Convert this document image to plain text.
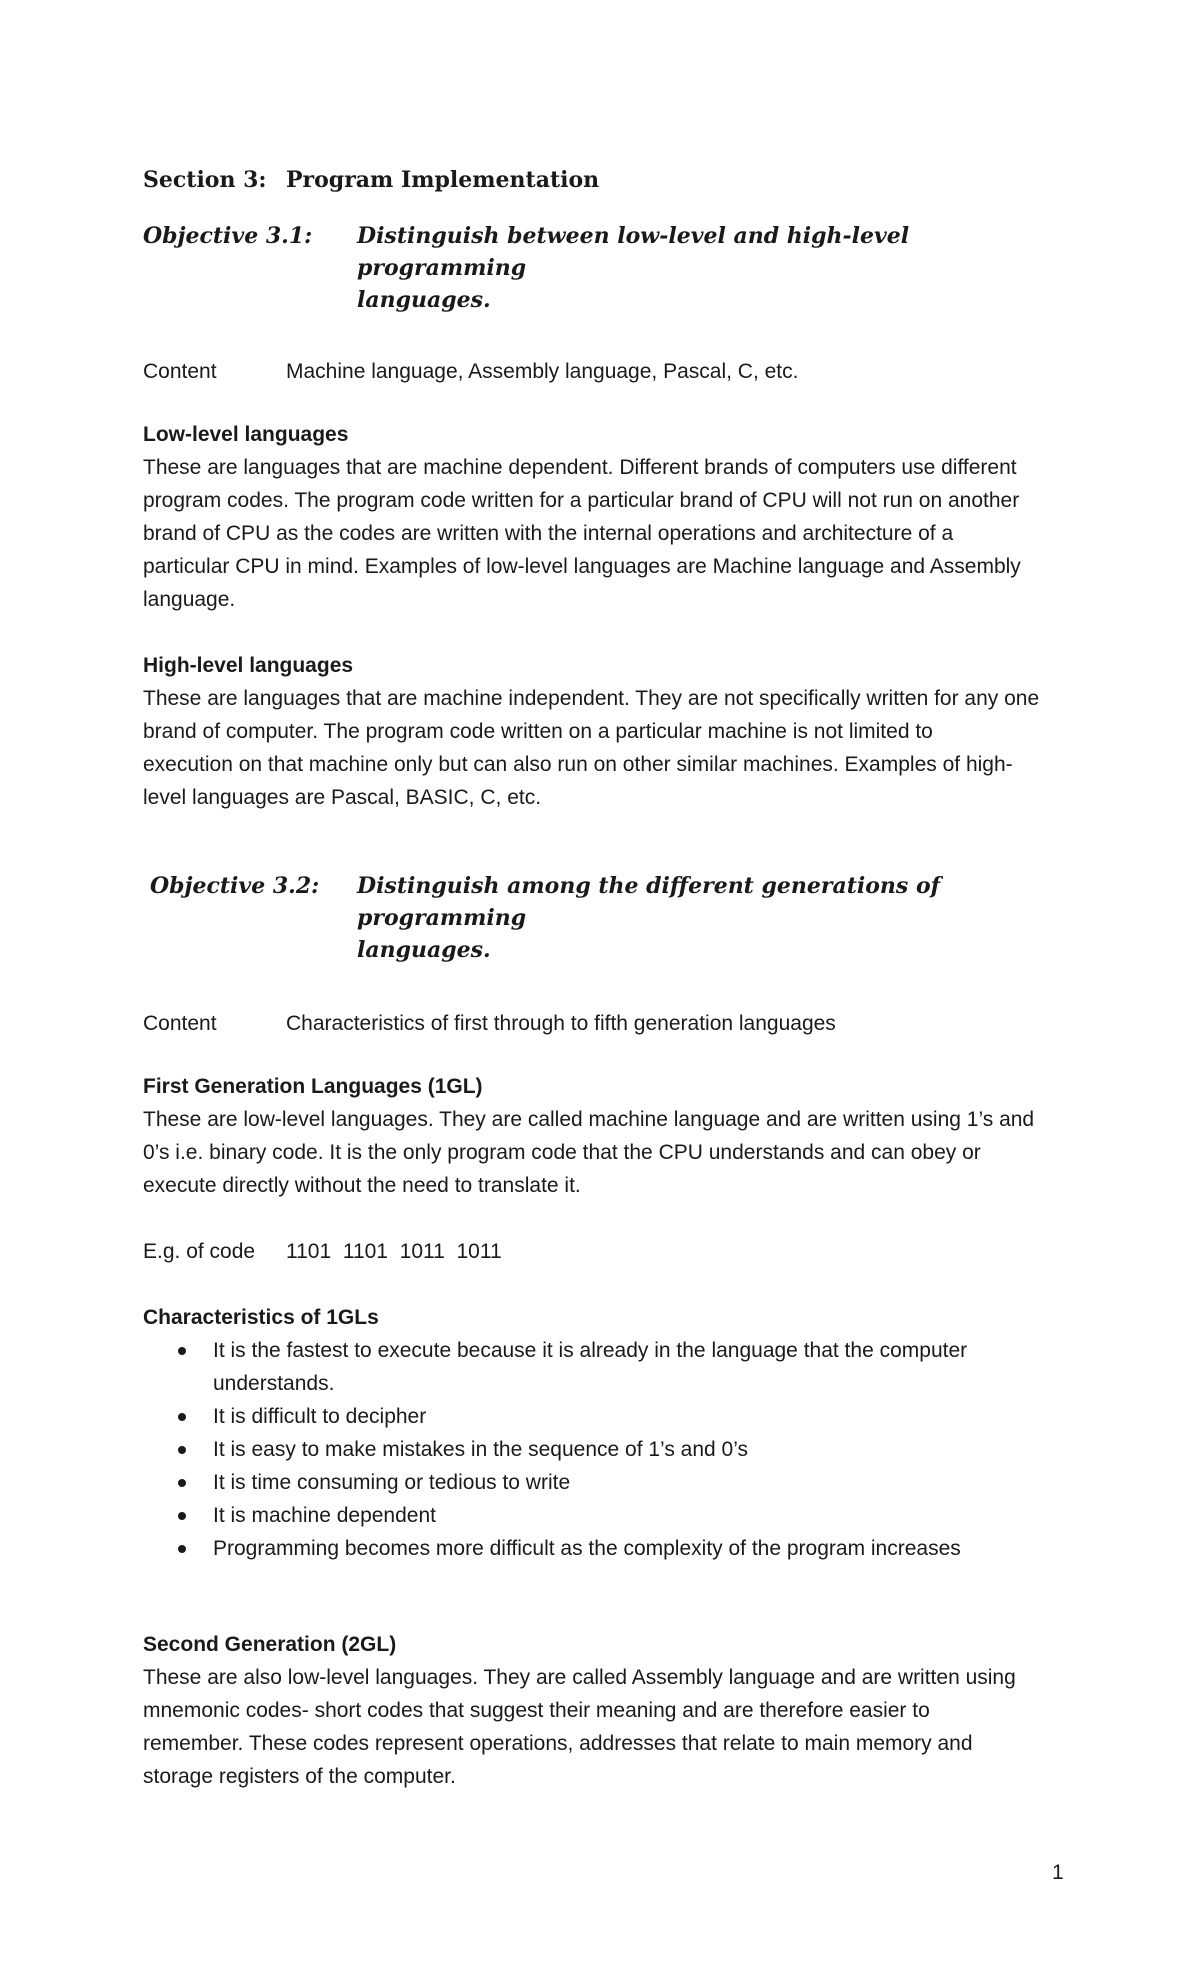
Section 3: Program Implementation
Objective 3.1: Distinguish between low-level and high-level programming
languages.
Content	Machine language, Assembly language, Pascal, C, etc.
Low-level languages
These are languages that are machine dependent. Different brands of computers use different
program codes. The program code written for a particular brand of CPU will not run on another
brand of CPU as the codes are written with the internal operations and architecture of a
particular CPU in mind. Examples of low-level languages are Machine language and Assembly
language.
High-level languages
These are languages that are machine independent. They are not specifically written for any one
brand of computer. The program code written on a particular machine is not limited to
execution on that machine only but can also run on other similar machines. Examples of high-
level languages are Pascal, BASIC, C, etc.
Objective 3.2: Distinguish among the different generations of programming
languages.
Content	Characteristics of first through to fifth generation languages
First Generation Languages (1GL)
These are low-level languages. They are called machine language and are written using 1’s and
0’s i.e. binary code. It is the only program code that the CPU understands and can obey or
execute directly without the need to translate it.
E.g. of code 1101  1101  1011  1011
Characteristics of 1GLs
It is the fastest to execute because it is already in the language that the computer
understands.
It is difficult to decipher
It is easy to make mistakes in the sequence of 1’s and 0’s
It is time consuming or tedious to write
It is machine dependent
Programming becomes more difficult as the complexity of the program increases
Second Generation (2GL)
These are also low-level languages. They are called Assembly language and are written using
mnemonic codes- short codes that suggest their meaning and are therefore easier to
remember. These codes represent operations, addresses that relate to main memory and
storage registers of the computer.
1
